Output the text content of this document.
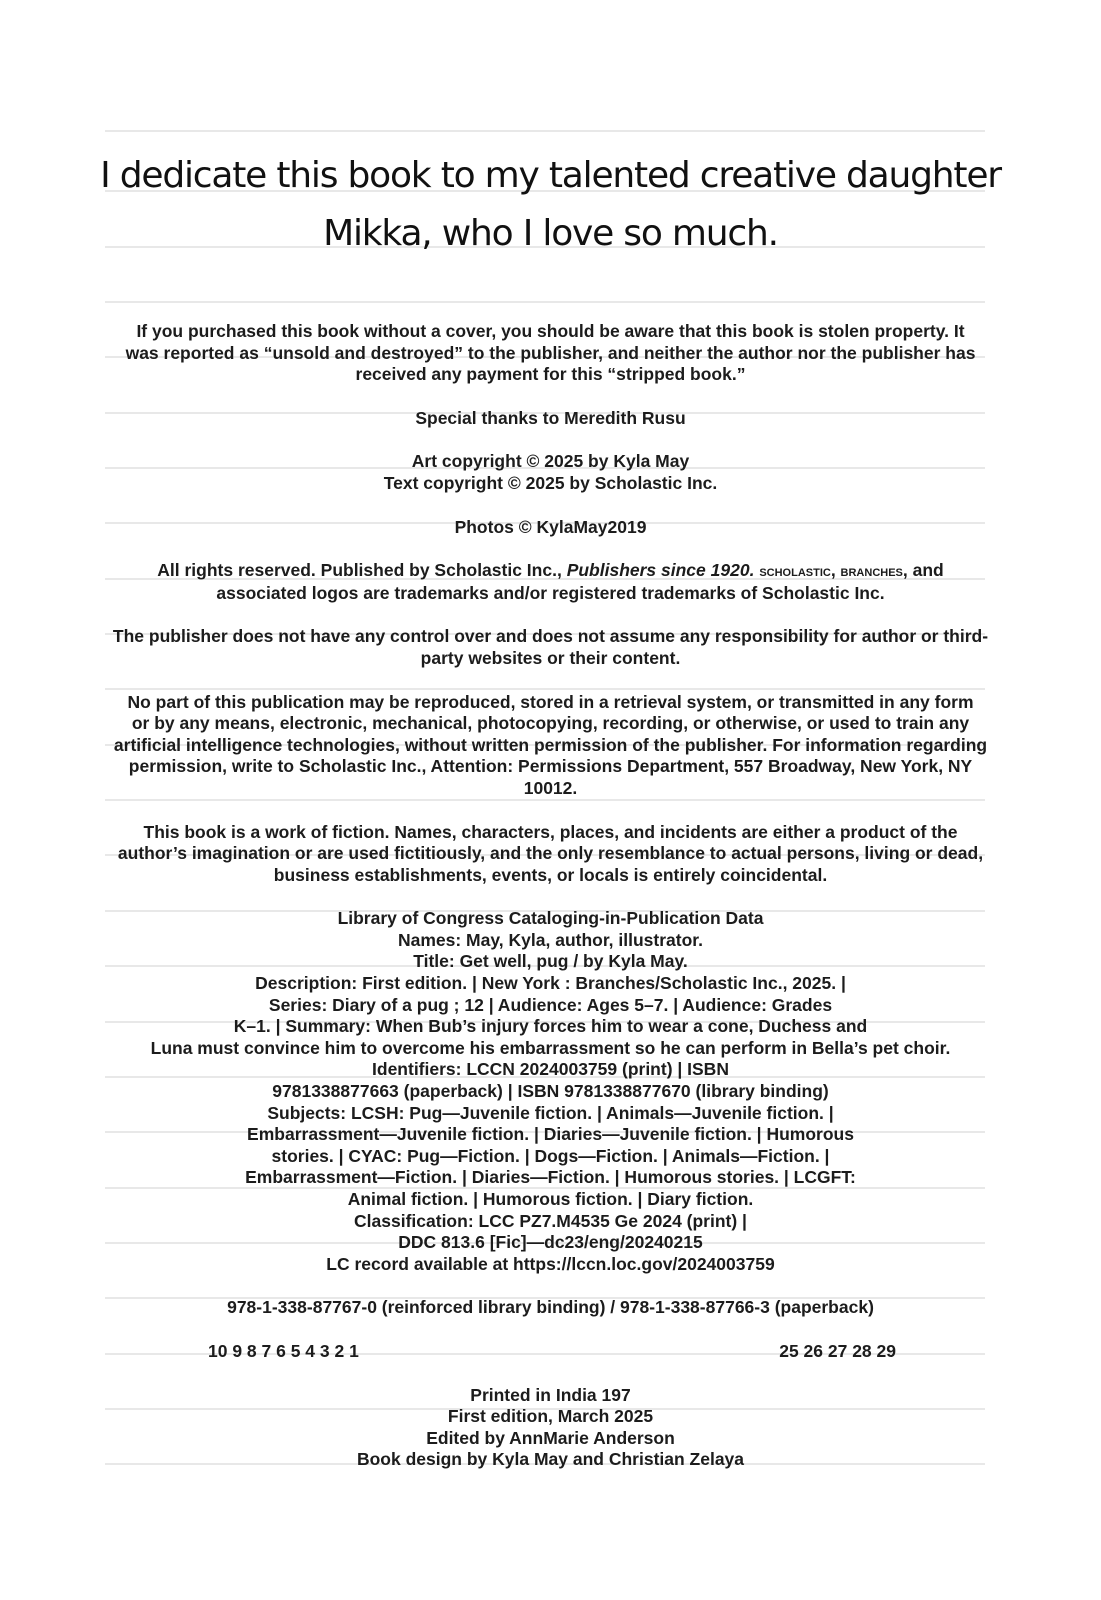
I dedicate this book to my talented creative daughter
Mikka, who I love so much.
If you purchased this book without a cover, you should be aware that this book is stolen property. It
was reported as “unsold and destroyed” to the publisher, and neither the author nor the publisher has
received any payment for this “stripped book.”
Special thanks to Meredith Rusu
Art copyright © 2025 by Kyla May
Text copyright © 2025 by Scholastic Inc.
Photos © KylaMay2019
All rights reserved. Published by Scholastic Inc., Publishers since 1920. scholastic, branches, and
associated logos are trademarks and/or registered trademarks of Scholastic Inc.
The publisher does not have any control over and does not assume any responsibility for author or third-
party websites or their content.
No part of this publication may be reproduced, stored in a retrieval system, or transmitted in any form
or by any means, electronic, mechanical, photocopying, recording, or otherwise, or used to train any
artificial intelligence technologies, without written permission of the publisher. For information regarding
permission, write to Scholastic Inc., Attention: Permissions Department, 557 Broadway, New York, NY
10012.
This book is a work of fiction. Names, characters, places, and incidents are either a product of the
author’s imagination or are used fictitiously, and the only resemblance to actual persons, living or dead,
business establishments, events, or locals is entirely coincidental.
Library of Congress Cataloging-in-Publication Data
Names: May, Kyla, author, illustrator.
Title: Get well, pug / by Kyla May.
Description: First edition. | New York : Branches/Scholastic Inc., 2025. |
Series: Diary of a pug ; 12 | Audience: Ages 5–7. | Audience: Grades
K–1. | Summary: When Bub’s injury forces him to wear a cone, Duchess and
Luna must convince him to overcome his embarrassment so he can perform in Bella’s pet choir.
Identifiers: LCCN 2024003759 (print) | ISBN
9781338877663 (paperback) | ISBN 9781338877670 (library binding)
Subjects: LCSH: Pug—Juvenile fiction. | Animals—Juvenile fiction. |
Embarrassment—Juvenile fiction. | Diaries—Juvenile fiction. | Humorous
stories. | CYAC: Pug—Fiction. | Dogs—Fiction. | Animals—Fiction. |
Embarrassment—Fiction. | Diaries—Fiction. | Humorous stories. | LCGFT:
Animal fiction. | Humorous fiction. | Diary fiction.
Classification: LCC PZ7.M4535 Ge 2024 (print) |
DDC 813.6 [Fic]—dc23/eng/20240215
LC record available at https://lccn.loc.gov/2024003759
978-1-338-87767-0 (reinforced library binding) / 978-1-338-87766-3 (paperback)
10 9 8 7 6 5 4 3 2 1	25 26 27 28 29
Printed in India 197
First edition, March 2025
Edited by AnnMarie Anderson
Book design by Kyla May and Christian Zelaya
